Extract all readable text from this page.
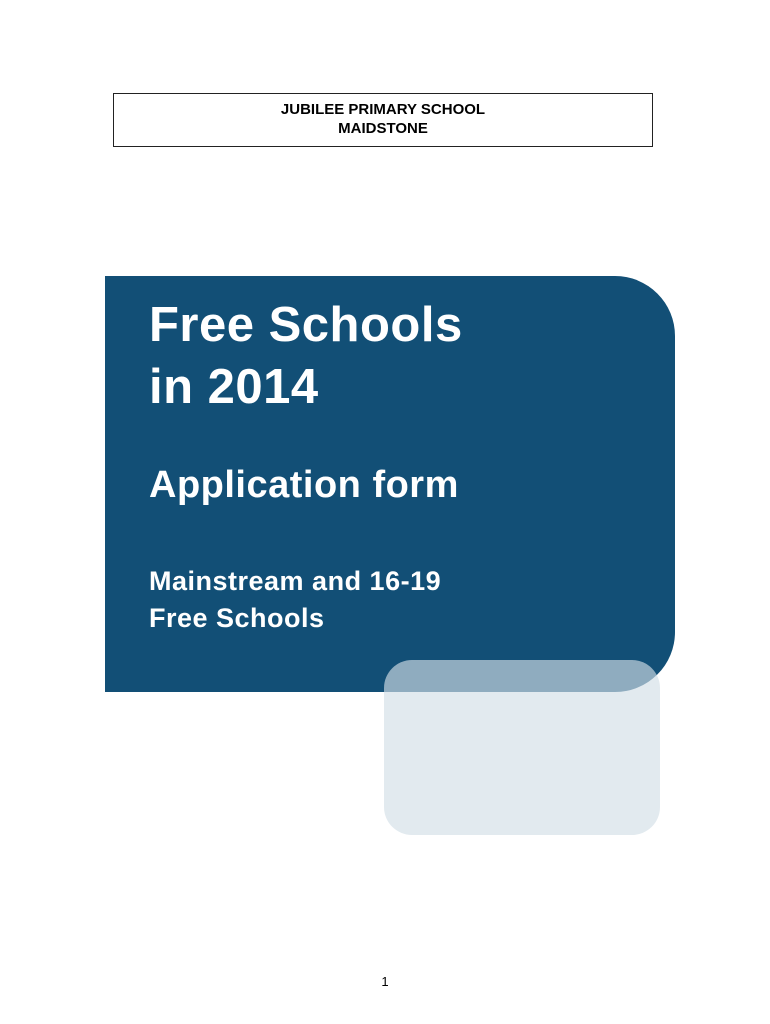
JUBILEE PRIMARY SCHOOL
MAIDSTONE
Free Schools
in 2014
Application form

Mainstream and 16-19
Free Schools

1
